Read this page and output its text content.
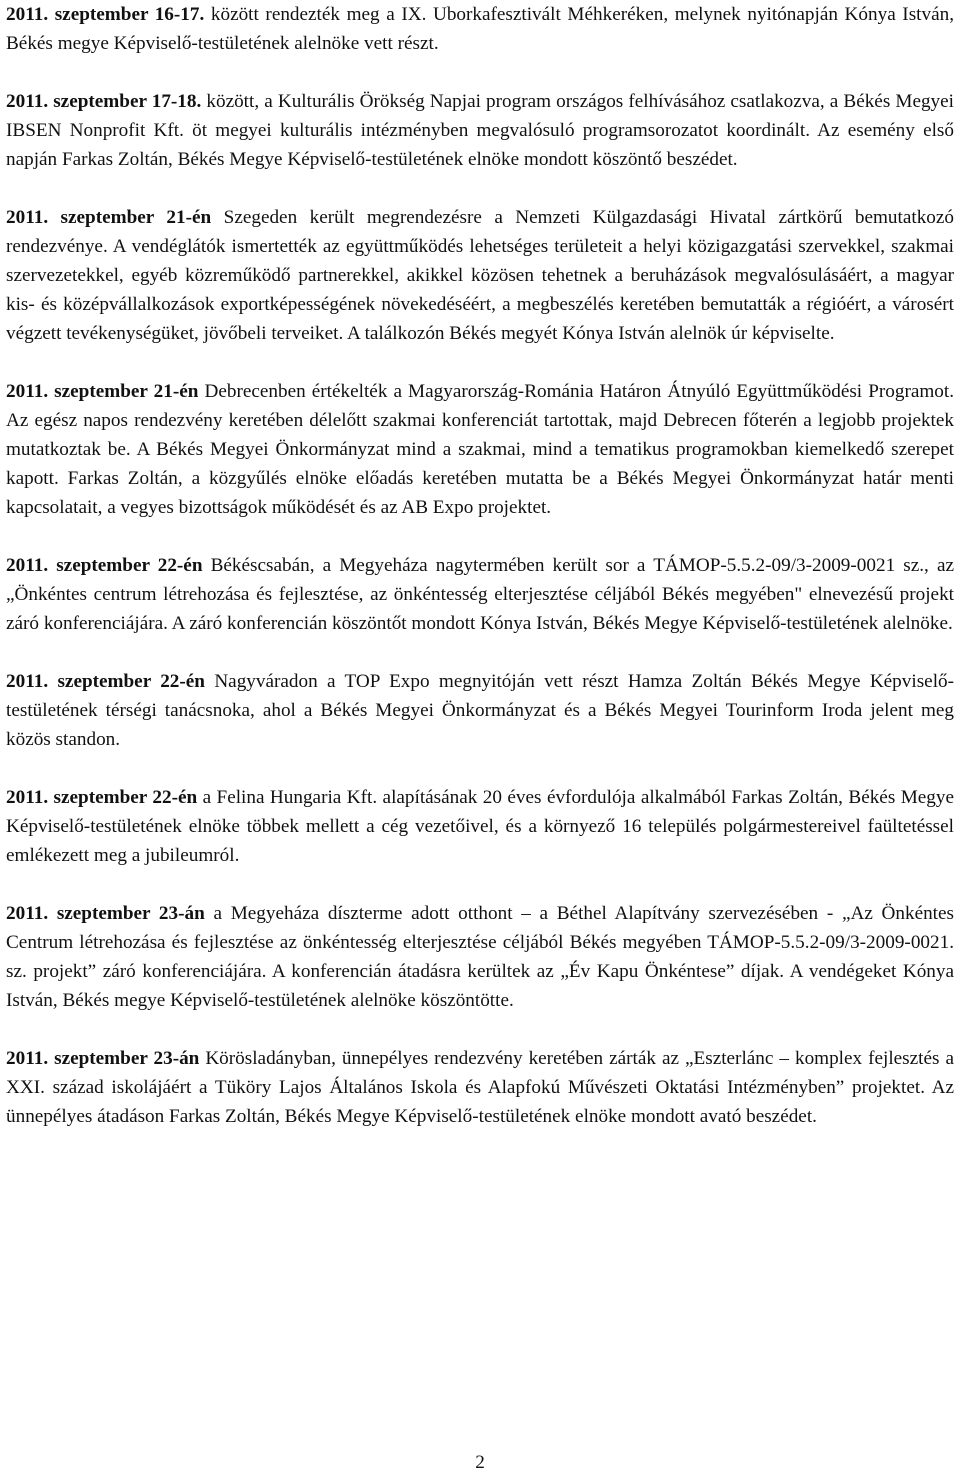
2011. szeptember 16-17. között rendezték meg a IX. Uborkafesztivált Méhkeréken, melynek nyitónapján Kónya István, Békés megye Képviselő-testületének alelnöke vett részt.

2011. szeptember 17-18. között, a Kulturális Örökség Napjai program országos felhívásához csatlakozva, a Békés Megyei IBSEN Nonprofit Kft. öt megyei kulturális intézményben megvalósuló programsorozatot koordinált. Az esemény első napján Farkas Zoltán, Békés Megye Képviselő-testületének elnöke mondott köszöntő beszédet.

2011. szeptember 21-én Szegeden került megrendezésre a Nemzeti Külgazdasági Hivatal zártkörű bemutatkozó rendezvénye. A vendéglátók ismertették az együttműködés lehetséges területeit a helyi közigazgatási szervekkel, szakmai szervezetekkel, egyéb közreműködő partnerekkel, akikkel közösen tehetnek a beruházások megvalósulásáért, a magyar kis- és középvállalkozások exportképességének növekedéséért, a megbeszélés keretében bemutatták a régióért, a városért végzett tevékenységüket, jövőbeli terveiket. A találkozón Békés megyét Kónya István alelnök úr képviselte.

2011. szeptember 21-én Debrecenben értékelték a Magyarország-Románia Határon Átnyúló Együttműködési Programot. Az egész napos rendezvény keretében délelőtt szakmai konferenciát tartottak, majd Debrecen főterén a legjobb projektek mutatkoztak be. A Békés Megyei Önkormányzat mind a szakmai, mind a tematikus programokban kiemelkedő szerepet kapott. Farkas Zoltán, a közgyűlés elnöke előadás keretében mutatta be a Békés Megyei Önkormányzat határ menti kapcsolatait, a vegyes bizottságok működését és az AB Expo projektet.

2011. szeptember 22-én Békéscsabán, a Megyeháza nagytermében került sor a TÁMOP-5.5.2-09/3-2009-0021 sz., az „Önkéntes centrum létrehozása és fejlesztése, az önkéntesség elterjesztése céljából Békés megyében" elnevezésű projekt záró konferenciájára. A záró konferencián köszöntőt mondott Kónya István, Békés Megye Képviselő-testületének alelnöke.

2011. szeptember 22-én Nagyváradon a TOP Expo megnyitóján vett részt Hamza Zoltán Békés Megye Képviselő-testületének térségi tanácsnoka, ahol a Békés Megyei Önkormányzat és a Békés Megyei Tourinform Iroda jelent meg közös standon.

2011. szeptember 22-én a Felina Hungaria Kft. alapításának 20 éves évfordulója alkalmából Farkas Zoltán, Békés Megye Képviselő-testületének elnöke többek mellett a cég vezetőivel, és a környező 16 település polgármestereivel faültetéssel emlékezett meg a jubileumról.

2011. szeptember 23-án a Megyeháza díszterme adott otthont – a Béthel Alapítvány szervezésében - „Az Önkéntes Centrum létrehozása és fejlesztése az önkéntesség elterjesztése céljából Békés megyében TÁMOP-5.5.2-09/3-2009-0021. sz. projekt” záró konferenciájára. A konferencián átadásra kerültek az „Év Kapu Önkéntese” díjak. A vendégeket Kónya István, Békés megye Képviselő-testületének alelnöke köszöntötte.

2011. szeptember 23-án Körösladányban, ünnepélyes rendezvény keretében zárták az „Eszterlánc – komplex fejlesztés a XXI. század iskolájáért a Tüköry Lajos Általános Iskola és Alapfokú Művészeti Oktatási Intézményben” projektet. Az ünnepélyes átadáson Farkas Zoltán, Békés Megye Képviselő-testületének elnöke mondott avató beszédet.

2
